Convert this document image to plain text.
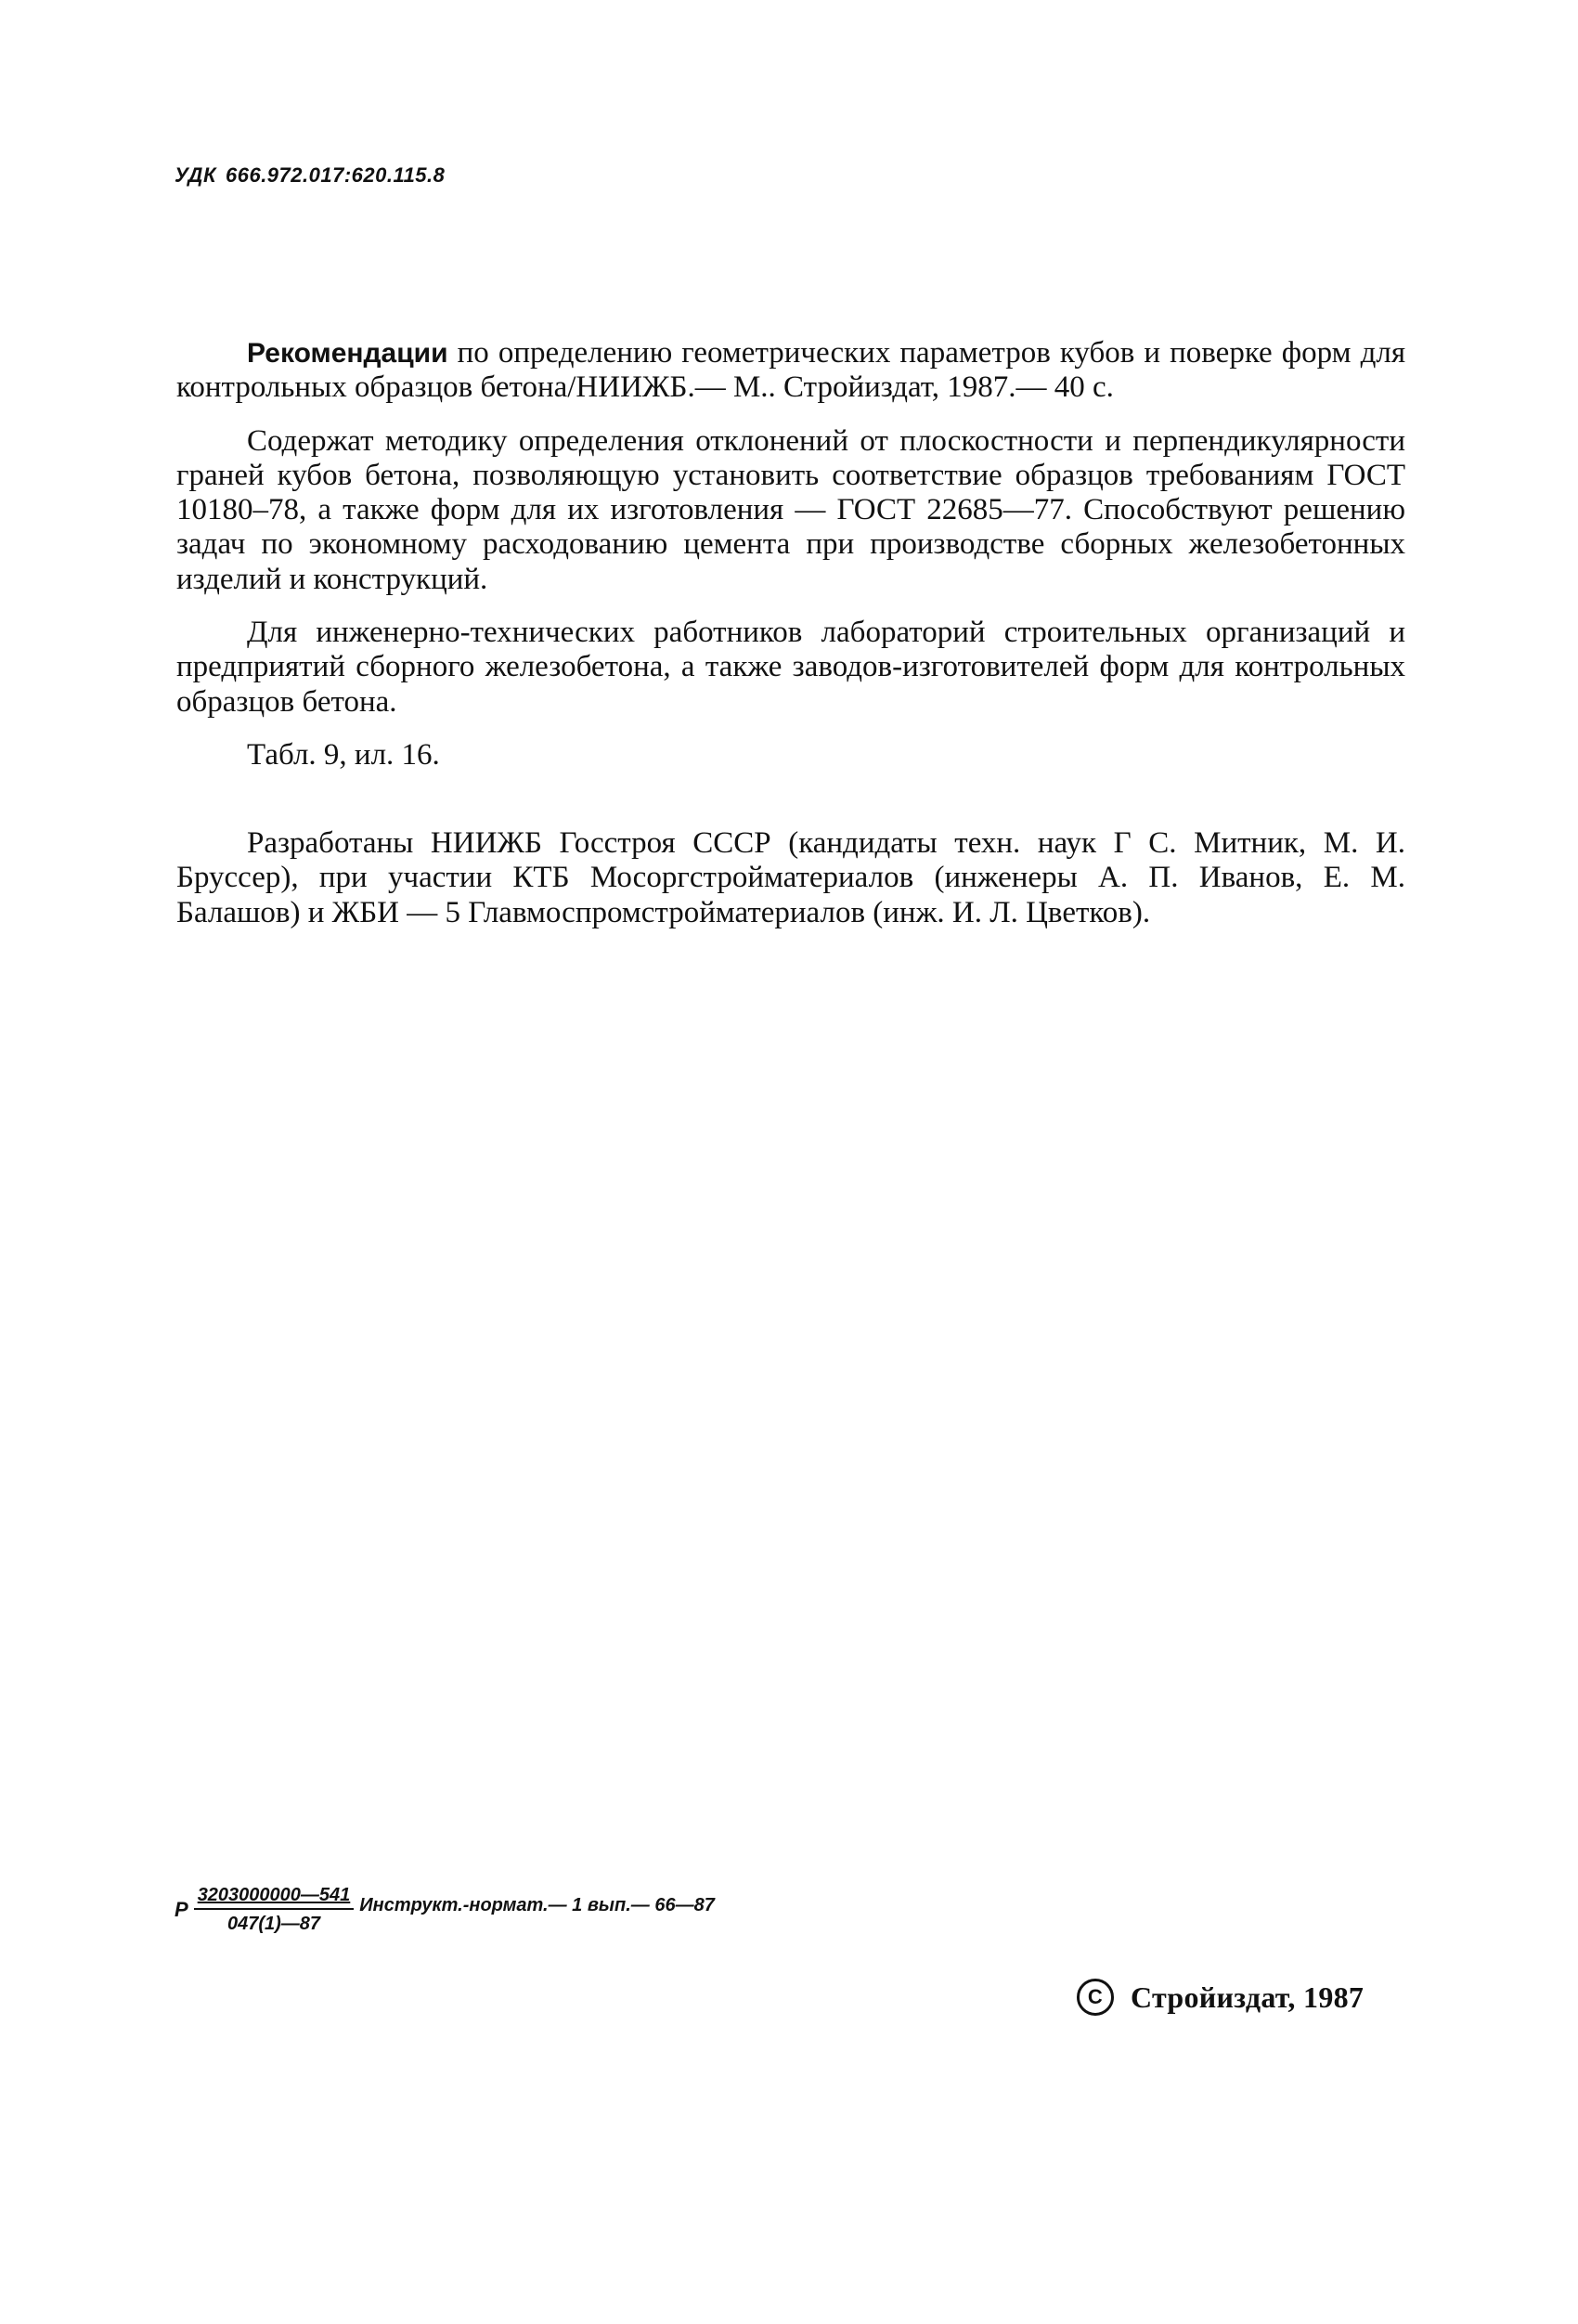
УДК 666.972.017:620.115.8

Рекомендации по определению геометрических параметров кубов и поверке форм для контрольных образцов бетона/НИИЖБ.— М.. Стройиздат, 1987.— 40 с.

Содержат методику определения отклонений от плоскостности и перпендикулярности граней кубов бетона, позволяющую установить соответствие образцов требованиям ГОСТ 10180–78, а также форм для их изготовления — ГОСТ 22685—77. Способствуют решению задач по экономному расходованию цемента при производстве сборных железобетонных изделий и конструкций.

Для инженерно-технических работников лабораторий строительных организаций и предприятий сборного железобетона, а также заводов-изготовителей форм для контрольных образцов бетона.

Табл. 9, ил. 16.

Разработаны НИИЖБ Госстроя СССР (кандидаты техн. наук Г С. Митник, М. И. Бруссер), при участии КТБ Мосоргстройматериалов (инженеры А. П. Иванов, Е. М. Балашов) и ЖБИ — 5 Главмоспромстройматериалов (инж. И. Л. Цветков).

Р $\frac{3203000000—541}{047(1)—87}$ Инструкт.-нормат.— 1 вып.— 66—87
С Стройиздат, 1987
